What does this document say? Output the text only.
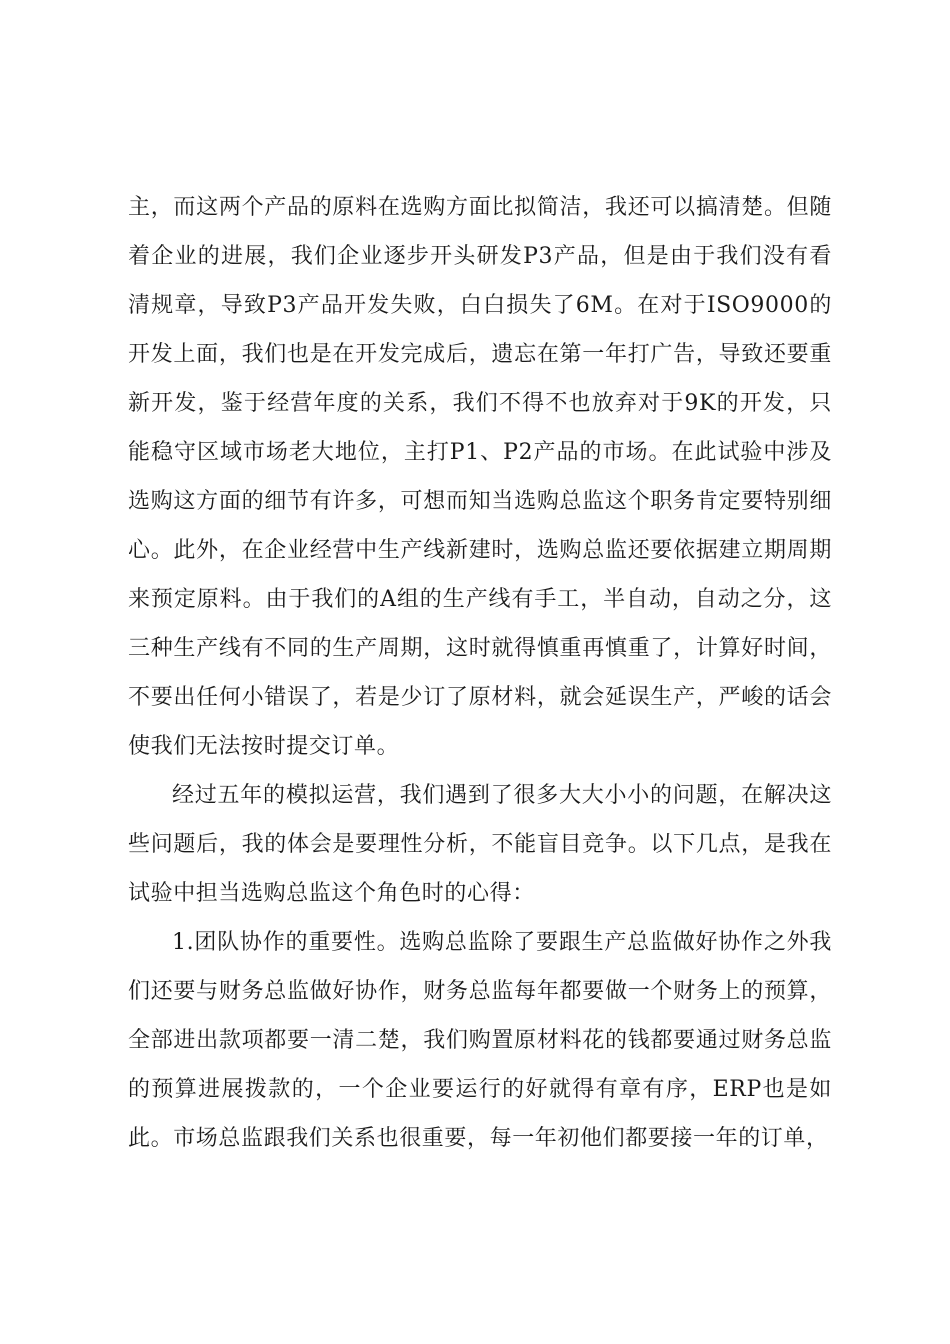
主，而这两个产品的原料在选购方面比拟简洁，我还可以搞清楚。但随着企业的进展，我们企业逐步开头研发P3产品，但是由于我们没有看清规章，导致P3产品开发失败，白白损失了6M。在对于ISO9000的开发上面，我们也是在开发完成后，遗忘在第一年打广告，导致还要重新开发，鉴于经营年度的关系，我们不得不也放弃对于9K的开发，只能稳守区域市场老大地位，主打P1、P2产品的市场。在此试验中涉及选购这方面的细节有许多，可想而知当选购总监这个职务肯定要特别细心。此外，在企业经营中生产线新建时，选购总监还要依据建立期周期来预定原料。由于我们的A组的生产线有手工，半自动，自动之分，这三种生产线有不同的生产周期，这时就得慎重再慎重了，计算好时间，不要出任何小错误了，若是少订了原材料，就会延误生产，严峻的话会使我们无法按时提交订单。

经过五年的模拟运营，我们遇到了很多大大小小的问题，在解决这些问题后，我的体会是要理性分析，不能盲目竞争。以下几点，是我在试验中担当选购总监这个角色时的心得：

1.团队协作的重要性。选购总监除了要跟生产总监做好协作之外我们还要与财务总监做好协作，财务总监每年都要做一个财务上的预算，全部进出款项都要一清二楚，我们购置原材料花的钱都要通过财务总监的预算进展拨款的，一个企业要运行的好就得有章有序，ERP也是如此。市场总监跟我们关系也很重要，每一年初他们都要接一年的订单，
